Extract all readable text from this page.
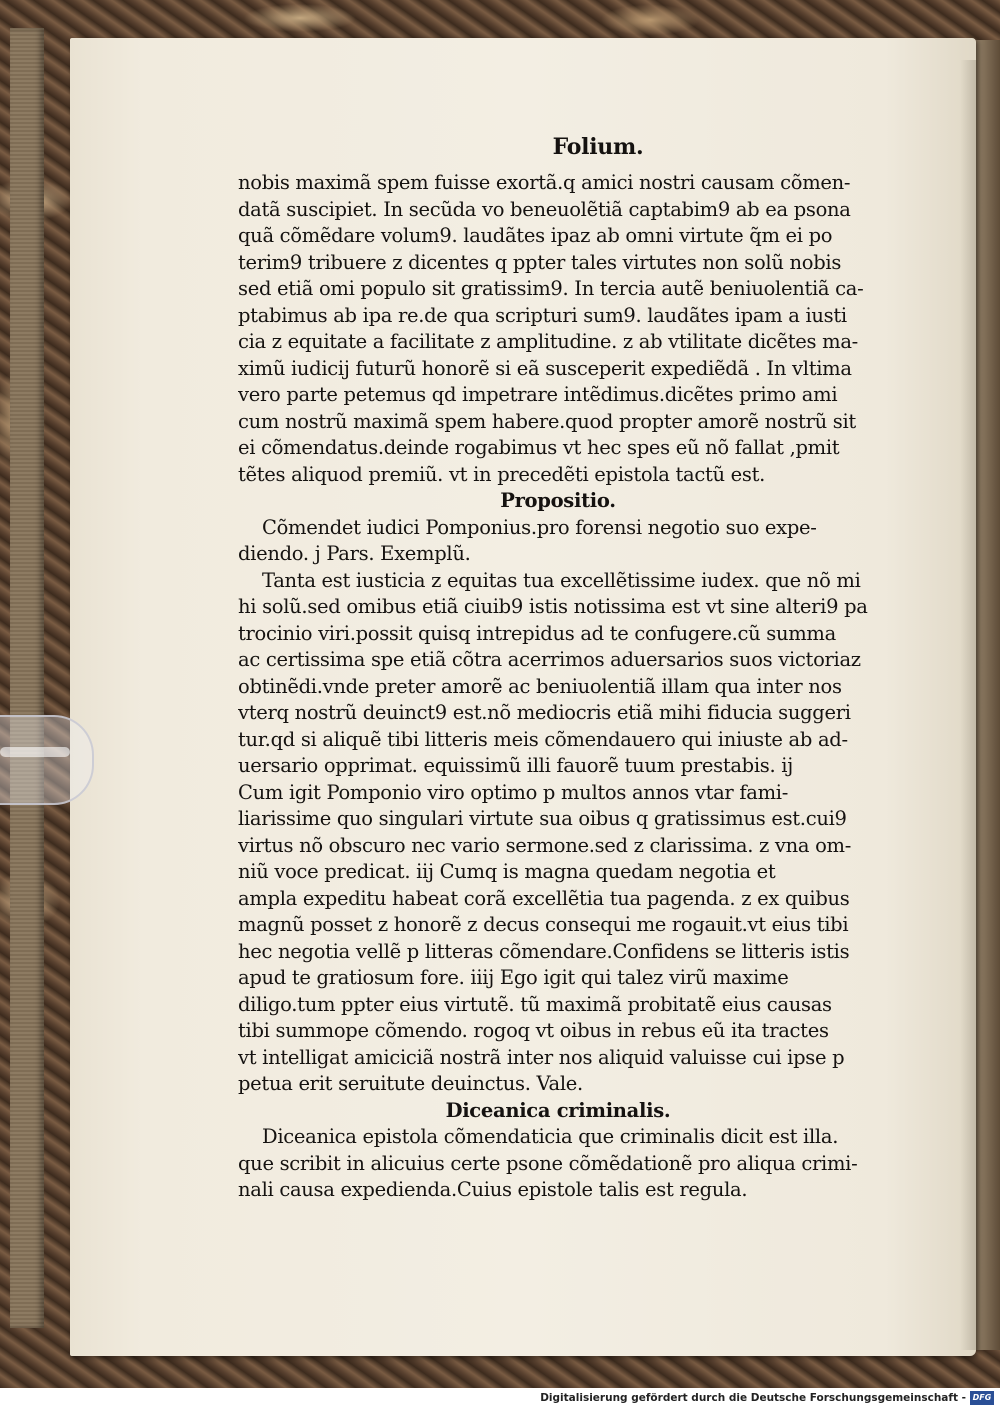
Folium.
nobis maximã spem fuisse exortã.q amici nostri causam cõmen-
datã suscipiet. In secũda vo beneuolẽtiã captabim9 ab ea psona
quã cõmẽdare volum9. laudãtes ipaz ab omni virtute q̃m ei po
terim9 tribuere z dicentes q ppter tales virtutes non solũ nobis
sed etiã omi populo sit gratissim9. In tercia autẽ beniuolentiã ca-
ptabimus ab ipa re.de qua scripturi sum9. laudãtes ipam a iusti
cia z equitate a facilitate z amplitudine. z ab vtilitate dicẽtes ma-
ximũ iudicij futurũ honorẽ si eã susceperit expediẽdã . In vltima
vero parte petemus qd impetrare intẽdimus.dicẽtes primo ami
cum nostrũ maximã spem habere.quod propter amorẽ nostrũ sit
ei cõmendatus.deinde rogabimus vt hec spes eũ nõ fallat ,pmit
tẽtes aliquod premiũ. vt in precedẽti epistola tactũ est.
Propositio.
Cõmendet iudici Pomponius.pro forensi negotio suo expe-
diendo. j Pars. Exemplũ.
Tanta est iusticia z equitas tua excellẽtissime iudex. que nõ mi
hi solũ.sed omibus etiã ciuib9 istis notissima est vt sine alteri9 pa
trocinio viri.possit quisq intrepidus ad te confugere.cũ summa
ac certissima spe etiã cõtra acerrimos aduersarios suos victoriaz
obtinẽdi.vnde preter amorẽ ac beniuolentiã illam qua inter nos
vterq nostrũ deuinct9 est.nõ mediocris etiã mihi fiducia suggeri
tur.qd si aliquẽ tibi litteris meis cõmendauero qui iniuste ab ad-
uersario opprimat. equissimũ illi fauorẽ tuum prestabis. ij
Cum igit Pomponio viro optimo p multos annos vtar fami-
liarissime quo singulari virtute sua oibus q gratissimus est.cui9
virtus nõ obscuro nec vario sermone.sed z clarissima. z vna om-
niũ voce predicat. iij Cumq is magna quedam negotia et
ampla expeditu habeat corã excellẽtia tua pagenda. z ex quibus
magnũ posset z honorẽ z decus consequi me rogauit.vt eius tibi
hec negotia vellẽ p litteras cõmendare.Confidens se litteris istis
apud te gratiosum fore. iiij Ego igit qui talez virũ maxime
diligo.tum ppter eius virtutẽ. tũ maximã probitatẽ eius causas
tibi summope cõmendo. rogoq vt oibus in rebus eũ ita tractes
vt intelligat amiciciã nostrã inter nos aliquid valuisse cui ipse p
petua erit seruitute deuinctus. Vale.
Diceanica criminalis.
Diceanica epistola cõmendaticia que criminalis dicit est illa.
que scribit in alicuius certe psone cõmẽdationẽ pro aliqua crimi-
nali causa expedienda.Cuius epistole talis est regula.
Digitalisierung gefördert durch die Deutsche Forschungsgemeinschaft - DFG
